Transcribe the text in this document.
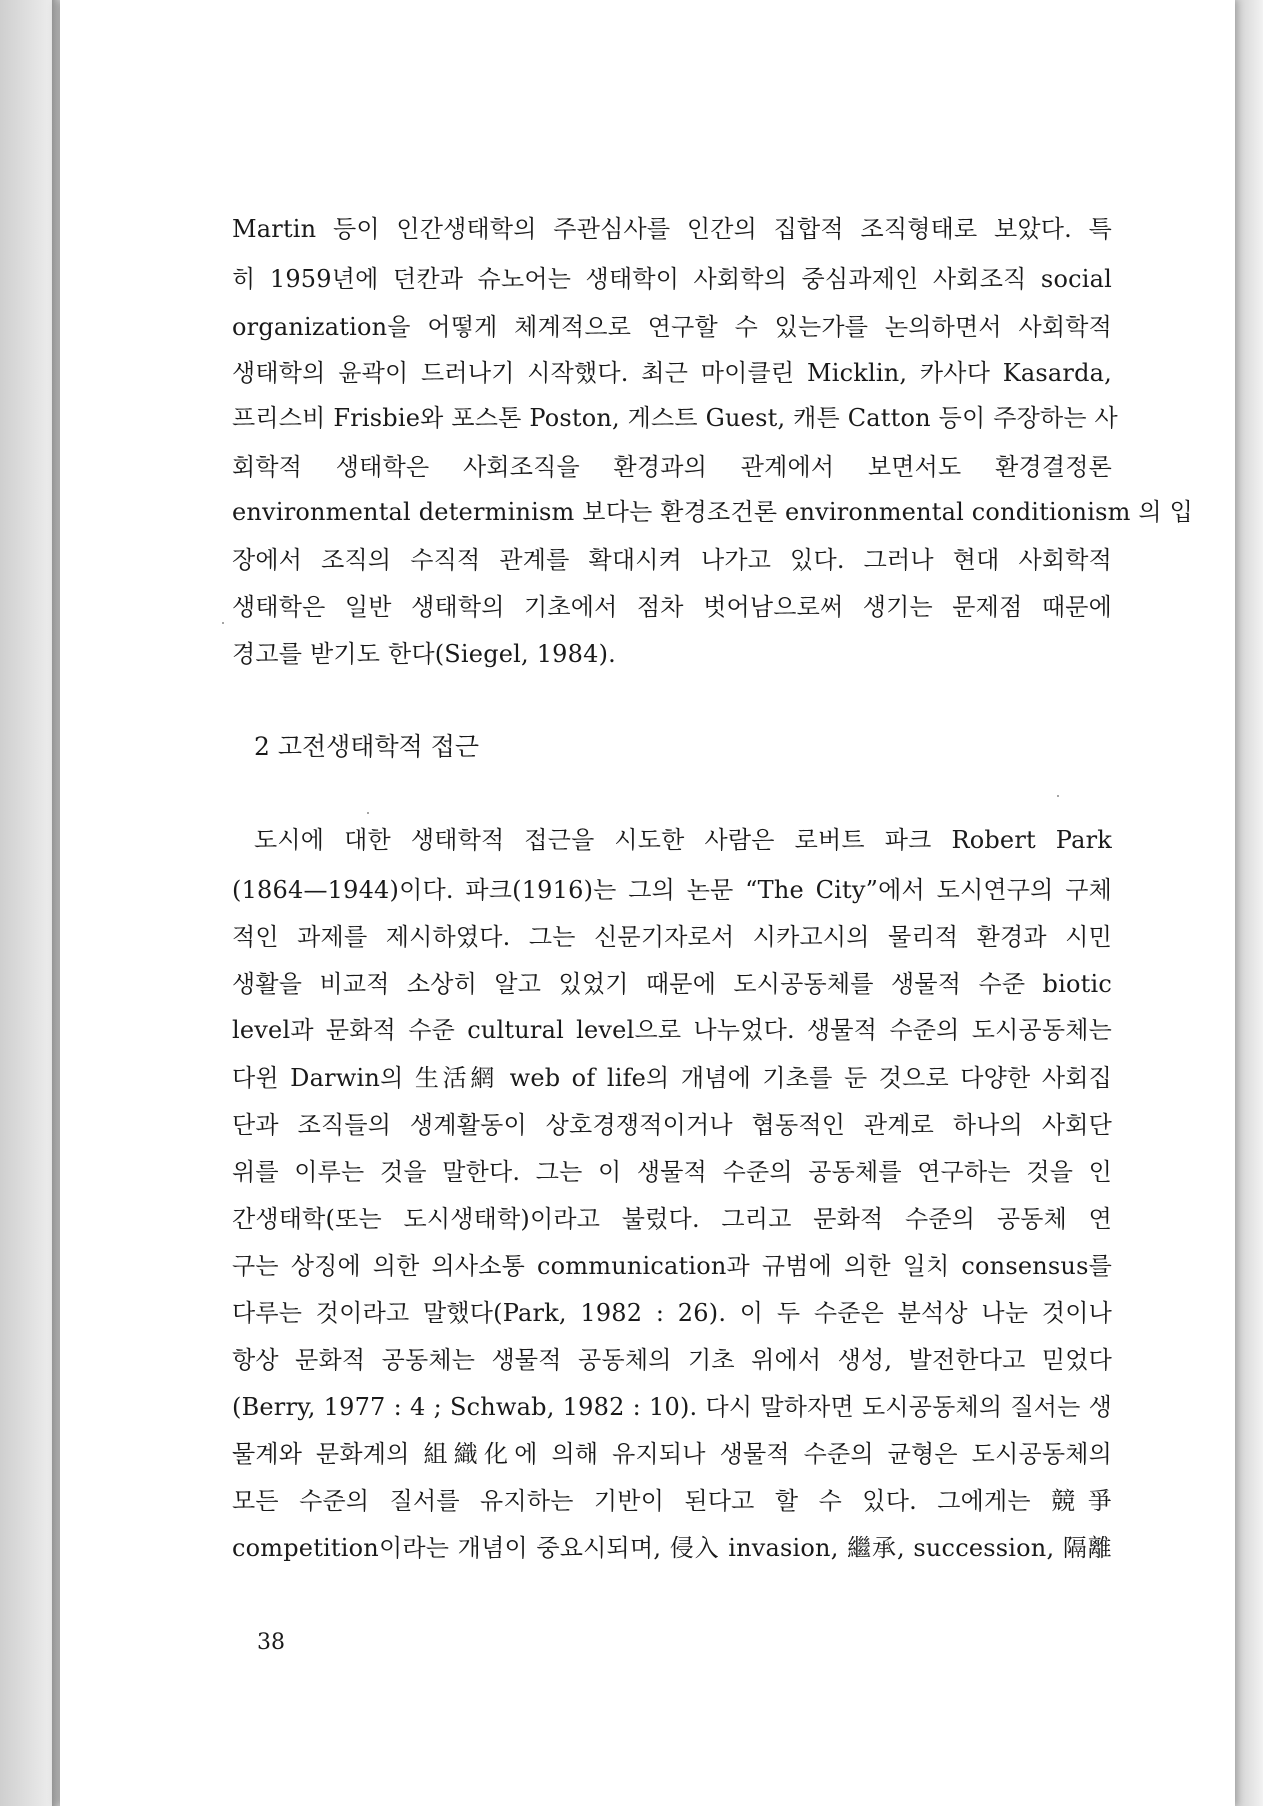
Martin 등이 인간생태학의 주관심사를 인간의 집합적 조직형태로 보았다. 특
히 1959년에 던칸과 슈노어는 생태학이 사회학의 중심과제인 사회조직 social
organization을 어떻게 체계적으로 연구할 수 있는가를 논의하면서 사회학적
생태학의 윤곽이 드러나기 시작했다. 최근 마이클린 Micklin, 카사다 Kasarda,
프리스비 Frisbie와 포스톤 Poston, 게스트 Guest, 캐튼 Catton 등이 주장하는 사
회학적 생태학은 사회조직을 환경과의 관계에서 보면서도 환경결정론
environmental determinism 보다는 환경조건론 environmental conditionism 의 입
장에서 조직의 수직적 관계를 확대시켜 나가고 있다. 그러나 현대 사회학적
생태학은 일반 생태학의 기초에서 점차 벗어남으로써 생기는 문제점 때문에
경고를 받기도 한다(Siegel, 1984).
2 고전생태학적 접근
도시에 대한 생태학적 접근을 시도한 사람은 로버트 파크 Robert Park
(1864—1944)이다. 파크(1916)는 그의 논문 “The City”에서 도시연구의 구체
적인 과제를 제시하였다. 그는 신문기자로서 시카고시의 물리적 환경과 시민
생활을 비교적 소상히 알고 있었기 때문에 도시공동체를 생물적 수준 biotic
level과 문화적 수준 cultural level으로 나누었다. 생물적 수준의 도시공동체는
다윈 Darwin의 生活網 web of life의 개념에 기초를 둔 것으로 다양한 사회집
단과 조직들의 생계활동이 상호경쟁적이거나 협동적인 관계로 하나의 사회단
위를 이루는 것을 말한다. 그는 이 생물적 수준의 공동체를 연구하는 것을 인
간생태학(또는 도시생태학)이라고 불렀다. 그리고 문화적 수준의 공동체 연
구는 상징에 의한 의사소통 communication과 규범에 의한 일치 consensus를
다루는 것이라고 말했다(Park, 1982 : 26). 이 두 수준은 분석상 나눈 것이나
항상 문화적 공동체는 생물적 공동체의 기초 위에서 생성, 발전한다고 믿었다
(Berry, 1977 : 4 ; Schwab, 1982 : 10). 다시 말하자면 도시공동체의 질서는 생
물계와 문화계의 組織化에 의해 유지되나 생물적 수준의 균형은 도시공동체의
모든 수준의 질서를 유지하는 기반이 된다고 할 수 있다. 그에게는 競爭
competition이라는 개념이 중요시되며, 侵入 invasion, 繼承, succession, 隔離
38
